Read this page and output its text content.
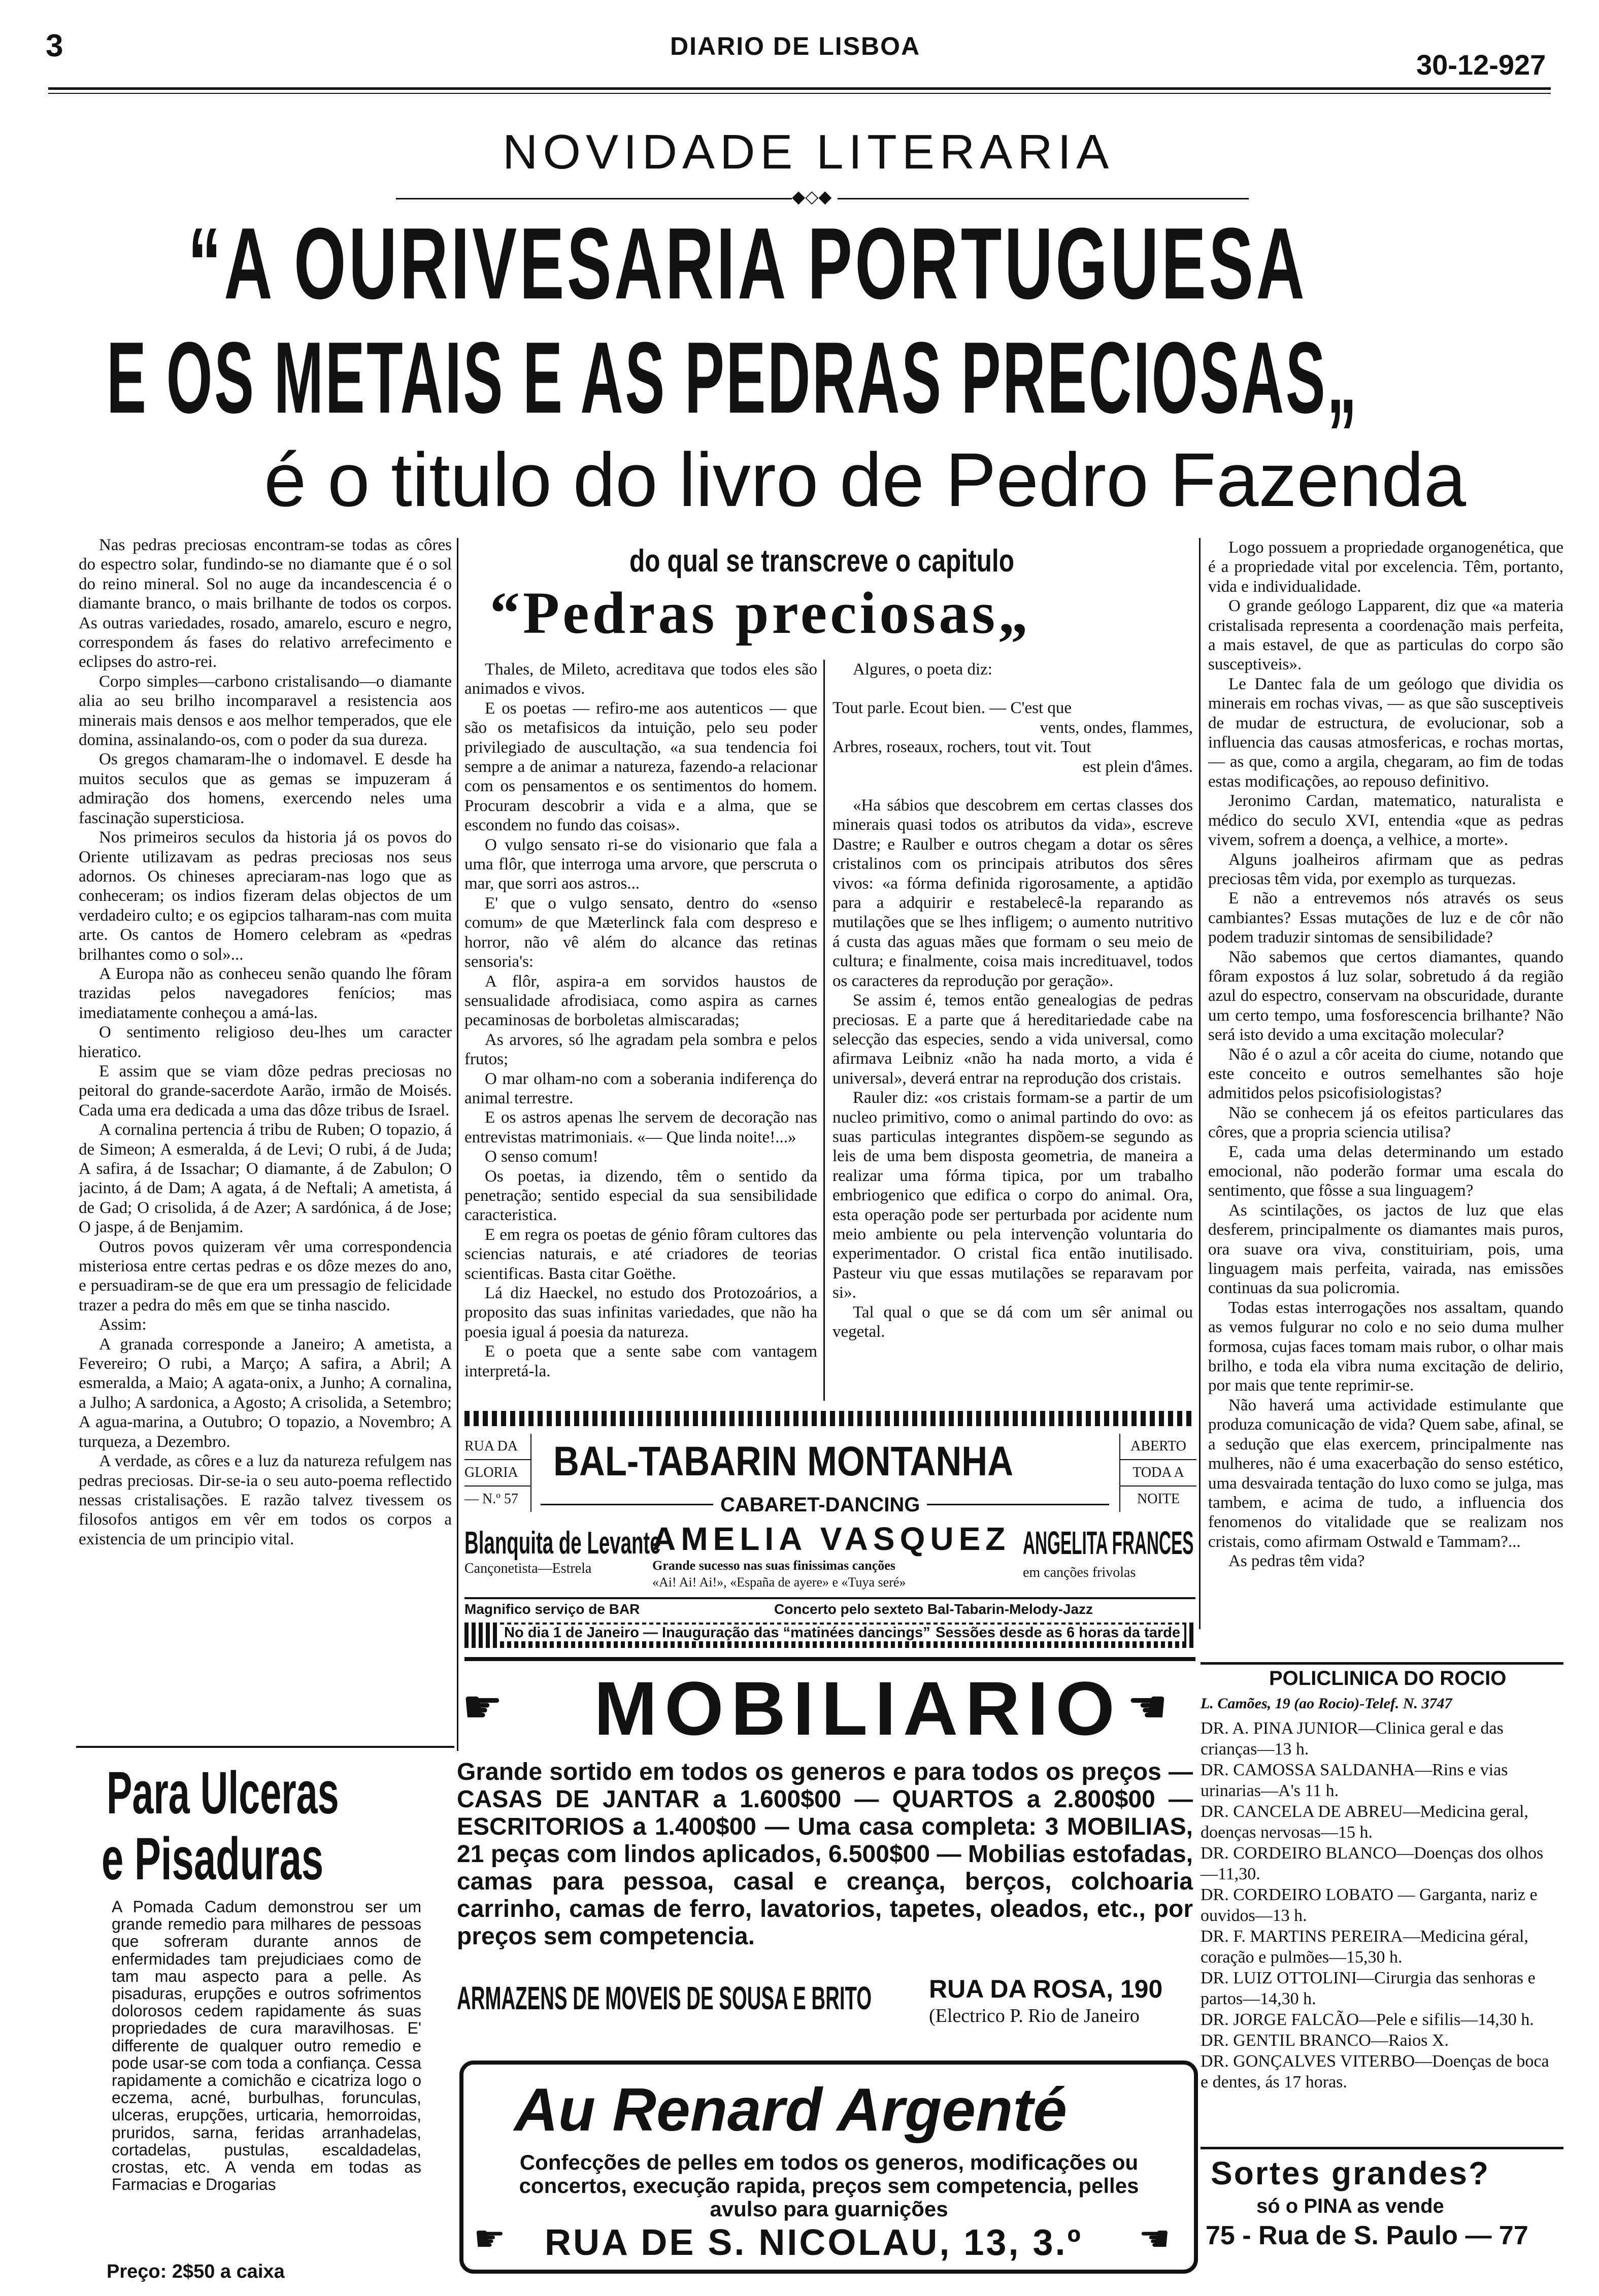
3	DIARIO DE LISBOA
30-12-927
NOVIDADE LITERARIA
◆◇◆
“A OURIVESARIA PORTUGUESA
E OS METAIS E AS PEDRAS PRECIOSAS„
é o titulo do livro de Pedro Fazenda

Nas pedras preciosas encontram-se todas as côres do espectro solar, fundindo-se no diamante que é o sol do reino mineral. Sol no auge da incandescencia é o diamante branco, o mais brilhante de todos os corpos. As outras variedades, rosado, amarelo, escuro e negro, correspondem ás fases do relativo arrefecimento e eclipses do astro-rei.

Corpo simples—carbono cristalisando—o diamante alia ao seu brilho incomparavel a resistencia aos minerais mais densos e aos melhor temperados, que ele domina, assinalando-os, com o poder da sua dureza.

Os gregos chamaram-lhe o indomavel. E desde ha muitos seculos que as gemas se impuzeram á admiração dos homens, exercendo neles uma fascinação supersticiosa.

Nos primeiros seculos da historia já os povos do Oriente utilizavam as pedras preciosas nos seus adornos. Os chineses apreciaram-nas logo que as conheceram; os indios fizeram delas objectos de um verdadeiro culto; e os egipcios talharam-nas com muita arte. Os cantos de Homero celebram as «pedras brilhantes como o sol»...

A Europa não as conheceu senão quando lhe fôram trazidas pelos navegadores fenícios; mas imediatamente conheçou a amá-las.

O sentimento religioso deu-lhes um caracter hieratico.

E assim que se viam dôze pedras preciosas no peitoral do grande-sacerdote Aarão, irmão de Moisés. Cada uma era dedicada a uma das dôze tribus de Israel.

A cornalina pertencia á tribu de Ruben; O topazio, á de Simeon; A esmeralda, á de Levi; O rubi, á de Juda; A safira, á de Issachar; O diamante, á de Zabulon; O jacinto, á de Dam; A agata, á de Neftali; A ametista, á de Gad; O crisolida, á de Azer; A sardónica, á de Jose; O jaspe, á de Benjamim.

Outros povos quizeram vêr uma correspondencia misteriosa entre certas pedras e os dôze mezes do ano, e persuadiram-se de que era um pressagio de felicidade trazer a pedra do mês em que se tinha nascido.

Assim:

A granada corresponde a Janeiro; A ametista, a Fevereiro; O rubi, a Março; A safira, a Abril; A esmeralda, a Maio; A agata-onix, a Junho; A cornalina, a Julho; A sardonica, a Agosto; A crisolida, a Setembro; A agua-marina, a Outubro; O topazio, a Novembro; A turqueza, a Dezembro.

A verdade, as côres e a luz da natureza refulgem nas pedras preciosas. Dir-se-ia o seu auto-poema reflectido nessas cristalisações. E razão talvez tivessem os filosofos antigos em vêr em todos os corpos a existencia de um principio vital.

do qual se transcreve o capitulo
“Pedras preciosas„

Thales, de Mileto, acreditava que todos eles são animados e vivos.

E os poetas — refiro-me aos autenticos — que são os metafisicos da intuição, pelo seu poder privilegiado de auscultação, «a sua tendencia foi sempre a de animar a natureza, fazendo-a relacionar com os pensamentos e os sentimentos do homem. Procuram descobrir a vida e a alma, que se escondem no fundo das coisas».

O vulgo sensato ri-se do visionario que fala a uma flôr, que interroga uma arvore, que perscruta o mar, que sorri aos astros...

E' que o vulgo sensato, dentro do «senso comum» de que Mæterlinck fala com despreso e horror, não vê além do alcance das retinas sensoria's:

A flôr, aspira-a em sorvidos haustos de sensualidade afrodisiaca, como aspira as carnes pecaminosas de borboletas almiscaradas;

As arvores, só lhe agradam pela sombra e pelos frutos;

O mar olham-no com a soberania indiferença do animal terrestre.

E os astros apenas lhe servem de decoração nas entrevistas matrimoniais. «— Que linda noite!...»

O senso comum!

Os poetas, ia dizendo, têm o sentido da penetração; sentido especial da sua sensibilidade caracteristica.

E em regra os poetas de génio fôram cultores das sciencias naturais, e até criadores de teorias scientificas. Basta citar Goëthe.

Lá diz Haeckel, no estudo dos Protozoários, a proposito das suas infinitas variedades, que não ha poesia igual á poesia da natureza.

E o poeta que a sente sabe com vantagem interpretá-la.

Algures, o poeta diz:

Tout parle. Ecout bien. — C'est que
vents, ondes, flammes,
Arbres, roseaux, rochers, tout vit. Tout
est plein d'âmes.

«Ha sábios que descobrem em certas classes dos minerais quasi todos os atributos da vida», escreve Dastre; e Raulber e outros chegam a dotar os sêres cristalinos com os principais atributos dos sêres vivos: «a fórma definida rigorosamente, a aptidão para a adquirir e restabelecê-la reparando as mutilações que se lhes infligem; o aumento nutritivo á custa das aguas mães que formam o seu meio de cultura; e finalmente, coisa mais incredituavel, todos os caracteres da reprodução por geração».

Se assim é, temos então genealogias de pedras preciosas. E a parte que á hereditariedade cabe na selecção das especies, sendo a vida universal, como afirmava Leibniz «não ha nada morto, a vida é universal», deverá entrar na reprodução dos cristais.

Rauler diz: «os cristais formam-se a partir de um nucleo primitivo, como o animal partindo do ovo: as suas particulas integrantes dispõem-se segundo as leis de uma bem disposta geometria, de maneira a realizar uma fórma tipica, por um trabalho embriogenico que edifica o corpo do animal. Ora, esta operação pode ser perturbada por acidente num meio ambiente ou pela intervenção voluntaria do experimentador. O cristal fica então inutilisado. Pasteur viu que essas mutilações se reparavam por si».

Tal qual o que se dá com um sêr animal ou vegetal.

Logo possuem a propriedade organogenética, que é a propriedade vital por excelencia. Têm, portanto, vida e individualidade.

O grande geólogo Lapparent, diz que «a materia cristalisada representa a coordenação mais perfeita, a mais estavel, de que as particulas do corpo são susceptiveis».

Le Dantec fala de um geólogo que dividia os minerais em rochas vivas, — as que são susceptiveis de mudar de estructura, de evolucionar, sob a influencia das causas atmosfericas, e rochas mortas, — as que, como a argila, chegaram, ao fim de todas estas modificações, ao repouso definitivo.

Jeronimo Cardan, matematico, naturalista e médico do seculo XVI, entendia «que as pedras vivem, sofrem a doença, a velhice, a morte».

Alguns joalheiros afirmam que as pedras preciosas têm vida, por exemplo as turquezas.

E não a entrevemos nós através os seus cambiantes? Essas mutações de luz e de côr não podem traduzir sintomas de sensibilidade?

Não sabemos que certos diamantes, quando fôram expostos á luz solar, sobretudo á da região azul do espectro, conservam na obscuridade, durante um certo tempo, uma fosforescencia brilhante? Não será isto devido a uma excitação molecular?

Não é o azul a côr aceita do ciume, notando que este conceito e outros semelhantes são hoje admitidos pelos psicofisiologistas?

Não se conhecem já os efeitos particulares das côres, que a propria sciencia utilisa?

E, cada uma delas determinando um estado emocional, não poderão formar uma escala do sentimento, que fôsse a sua linguagem?

As scintilações, os jactos de luz que elas desferem, principalmente os diamantes mais puros, ora suave ora viva, constituiriam, pois, uma linguagem mais perfeita, vairada, nas emissões continuas da sua policromia.

Todas estas interrogações nos assaltam, quando as vemos fulgurar no colo e no seio duma mulher formosa, cujas faces tomam mais rubor, o olhar mais brilho, e toda ela vibra numa excitação de delirio, por mais que tente reprimir-se.

Não haverá uma actividade estimulante que produza comunicação de vida? Quem sabe, afinal, se a sedução que elas exercem, principalmente nas mulheres, não é uma exacerbação do senso estético, uma desvairada tentação do luxo como se julga, mas tambem, e acima de tudo, a influencia dos fenomenos do vitalidade que se realizam nos cristais, como afirmam Ostwald e Tammam?...

As pedras têm vida?

RUA DA
GLORIA
— N.º 57
BAL-TABARIN MONTANHA	ABERTO
TODA A
NOITE
CABARET-DANCING
Blanquita de Levante
Cançonetista—Estrela
AMELIA VASQUEZ
Grande sucesso nas suas finissimas canções
«Ai! Ai! Ai!», «España de ayere» e «Tuya seré»
ANGELITA FRANCES
em canções frivolas
Magnifico serviço de BAR	Concerto pelo sexteto Bal-Tabarin-Melody-Jazz
No dia 1 de Janeiro — Inauguração das “matinées dancings” Sessões desde as 6 horas da tarde
☛ MOBILIARIO ☛
Grande sortido em todos os generos e para todos os preços — CASAS DE JANTAR a 1.600$00 — QUARTOS a 2.800$00 — ESCRITORIOS a 1.400$00 — Uma casa completa: 3 MOBILIAS, 21 peças com lindos aplicados, 6.500$00 — Mobilias estofadas, camas para pessoa, casal e creança, berços, colchoaria carrinho, camas de ferro, lavatorios, tapetes, oleados, etc., por preços sem competencia.
ARMAZENS DE MOVEIS DE SOUSA E BRITO RUA DA ROSA, 190
(Electrico P. Rio de Janeiro
Au Renard Argenté
Confecções de pelles em todos os generos, modificações ou concertos, execução rapida, preços sem competencia, pelles avulso para guarnições
☛ RUA DE S. NICOLAU, 13, 3.º ☛
Para Ulceras
e Pisaduras
A Pomada Cadum demonstrou ser um grande remedio para milhares de pessoas que sofreram durante annos de enfermidades tam prejudiciaes como de tam mau aspecto para a pelle. As pisaduras, erupções e outros sofrimentos dolorosos cedem rapidamente ás suas propriedades de cura maravilhosas. E' differente de qualquer outro remedio e pode usar-se com toda a confiança. Cessa rapidamente a comichão e cicatriza logo o eczema, acné, burbulhas, forunculas, ulceras, erupções, urticaria, hemorroidas, pruridos, sarna, feridas arranhadelas, cortadelas, pustulas, escaldadelas, crostas, etc. A venda em todas as Farmacias e Drogarias
Preço: 2$50 a caixa
POLICLINICA DO ROCIO
L. Camões, 19 (ao Rocio)-Telef. N. 3747
DR. A. PINA JUNIOR—Clinica geral e das crianças—13 h.
DR. CAMOSSA SALDANHA—Rins e vias urinarias—A's 11 h.
DR. CANCELA DE ABREU—Medicina geral, doenças nervosas—15 h.
DR. CORDEIRO BLANCO—Doenças dos olhos—11,30.
DR. CORDEIRO LOBATO — Garganta, nariz e ouvidos—13 h.
DR. F. MARTINS PEREIRA—Medicina géral, coração e pulmões—15,30 h.
DR. LUIZ OTTOLINI—Cirurgia das senhoras e partos—14,30 h.
DR. JORGE FALCÃO—Pele e sifilis—14,30 h.
DR. GENTIL BRANCO—Raios X.
DR. GONÇALVES VITERBO—Doenças de boca e dentes, ás 17 horas.
Sortes grandes?
só o PINA as vende
75 - Rua de S. Paulo — 77
